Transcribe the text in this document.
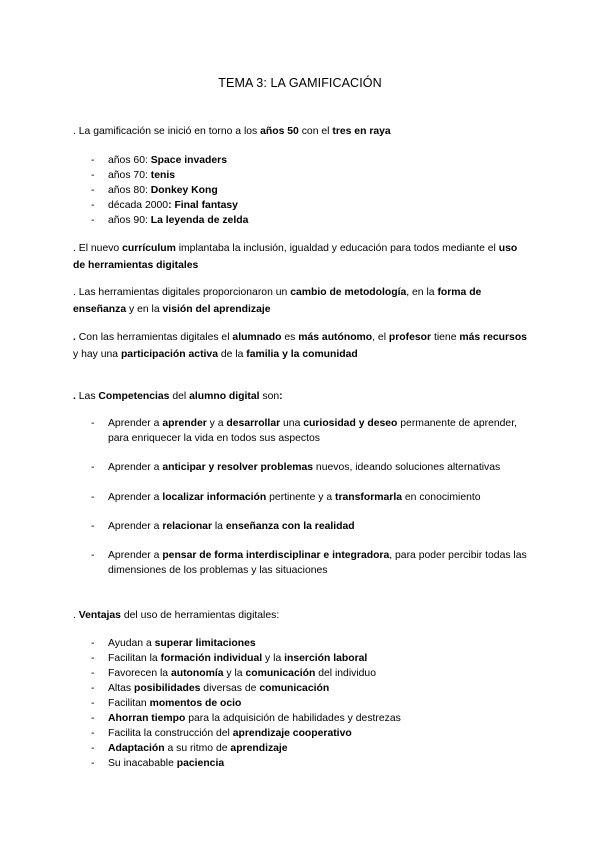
TEMA 3: LA GAMIFICACIÓN
. La gamificación se inició en torno a los años 50 con el tres en raya
- años 60: Space invaders
- años 70: tenis
- años 80: Donkey Kong
- década 2000: Final fantasy
- años 90: La leyenda de zelda
. El nuevo currículum implantaba la inclusión, igualdad y educación para todos mediante el uso de herramientas digitales
. Las herramientas digitales proporcionaron un cambio de metodología, en la forma de enseñanza y en la visión del aprendizaje
. Con las herramientas digitales el alumnado es más autónomo, el profesor tiene más recursos y hay una participación activa de la familia y la comunidad
. Las Competencias del alumno digital son:
- Aprender a aprender y a desarrollar una curiosidad y deseo permanente de aprender, para enriquecer la vida en todos sus aspectos
- Aprender a anticipar y resolver problemas nuevos, ideando soluciones alternativas
- Aprender a localizar información pertinente y a transformarla en conocimiento
- Aprender a relacionar la enseñanza con la realidad
- Aprender a pensar de forma interdisciplinar e integradora, para poder percibir todas las dimensiones de los problemas y las situaciones
. Ventajas del uso de herramientas digitales:
- Ayudan a superar limitaciones
- Facilitan la formación individual y la inserción laboral
- Favorecen la autonomía y la comunicación del individuo
- Altas posibilidades diversas de comunicación
- Facilitan momentos de ocio
- Ahorran tiempo para la adquisición de habilidades y destrezas
- Facilita la construcción del aprendizaje cooperativo
- Adaptación a su ritmo de aprendizaje
- Su inacabable paciencia
